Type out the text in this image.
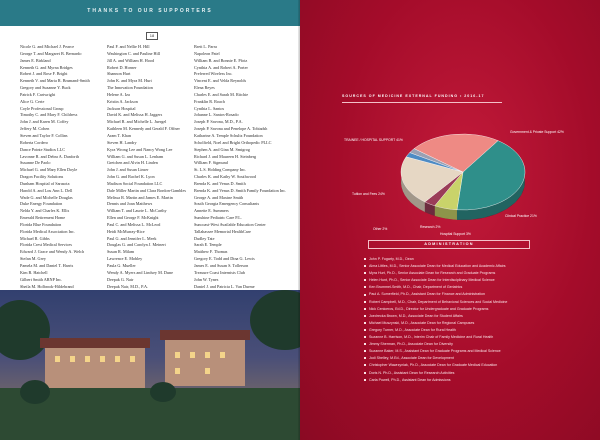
THANKS TO OUR SUPPORTERS
18
Nicole G. and Michael J. Pearce
George T. and Margaret B. Bernardo
James E. Birkland
Kenneth G. and Myrna Bridges
Robert J. and Rose F. Bright
Kenneth V. and Maria R. Brumand-Smith
Gregory and Suzanne Y. Buck
Patrick F. Cartwright
Alice G. Cerie
Coyle Professional Group
Timothy C. and Mary F. Childress
John J. and Karen M. Coffey
Jeffery M. Cohen
Steven and Taylor F. Collins
Roberta Cordero
Dance Pointe Studios LLC
Lavonne R. and Debra A. Danforth
Susanne De Paolo
Michael G. and Mary Ellen Doyle
Dragon Facility Solutions
Dunham Hospital of Sarasota
Harold A. and Lou Ann L. Dell
Wade G. and Michelle Douglas
Duke Energy Foundation
Nelda Y. and Charles K. Ellis
Emerald Retirement Home
Florida Blue Foundation
Florida Medical Association Inc.
Michael R. Gibbs
Florida Crest Medical Services
Edward J. Grace and Wendy A. Welch
Stefan M. Grey
Pamela M. and Daniel T. Harris
Kim B. Hatchell
Gilbert Smith ARNP Inc.
Sheila M. Holbrook-Hildebrand
Paul F. and Nellie H. Hill
Washington C. and Pauline Hill
Jill A. and William H. Hood
Robert D. Horner
Shannon Hurt
John K. and Myra M. Hurt
The Innovation Foundation
Helene A. Iza
Kristin A. Jackson
Jackson Hospital
David K. and Melissa H. Jaggers
Michael R. and Michelle L. Juergel
Kathleen M. Kennedy and Gerald F. Offner
Aram T. Khan
Steven H. Landry
Kyra Wrong Lee and Nancy Wong Lee
William G. and Susan L. Lenham
Gretchen and Alvin H. Linden
John J. and Susan Linser
John G. and Rachel K. Lyon
Madison Social Foundation LLC
Dale Miller Martin and Clara Bordon-Gambles
Melissa R. Martin and James E. Martin
Dennis and Joan Matthews
William T. and Laurie L. McCarthy
Ellen and George F. McKnight
Paul C. and Melissa L. McLeod
Heidi McMurray-Rice
Paul G. and Jennifer L. Meek
Douglas G. and Carolyn J. Meinert
Susan R. Milam
Lawrence E. Mobley
Paula G. Mueller
Wendy A. Myers and Lindsey M. Dune
Deepak G. Nair
Deepak Nair, M.D., P.A.
Brett L. Parra
Napoleon Patel
William B. and Bonnie E. Pfotz
Cynthia A. and Robert A. Porter
Preferred Wireless Inc.
Vincent E. and Velda Reynolds
Elena Reyes
Charles E. and Sarah M. Ritchie
Franklin R. Roach
Cynthia L. Santos
Johanne L. Santos-Rosado
Joseph P. Savona, M.D., P.A.
Joseph P. Savona and Penelope A. Tobiadsh
Katharine A. Temple Schultz Foundation
Scholfield, Noel and Bright Orthopedic PLLC
Stephen A. and Gina M. Smigrog
Richard J. and Maureen H. Steinberg
William F. Sigmund
St. L.S. Holding Company Inc.
Charles K. and Kathy W. Southwood
Brenda K. and Venus D. Smith
Brenda K. and Venus D. Smith Family Foundation Inc.
George A. and Maxine Smith
South Georgia Emergency Consultants
Annette E. Summers
Sunshine Pediatric Care P.L.
Suncoast-West Available Education Center
Tallahassee Memorial HealthCare
Dudley Tate
Sarah E. Temple
Matthew F. Thomas
Gregory E. Todd and Dina G. Lewis
James E. and Susan S. Tollerson
Treasure Coast Internists Club
John W. Tynes
Daniel J. and Patricia L. Van Durme
SOURCES OF MEDICINE EXTERNAL FUNDING • 2016-17
TRAINEE / HOSPITAL SUPPORT 41%
Government & Private Support 42%
Tuition and Fees 24%
Other 2%	Research 2%
Hospital Support 3%
Clinical Practice 21%
ADMINISTRATION
John P. Fogarty, M.D., Dean
Alma Littles, M.D., Senior Associate Dean for Medical Education and Academic Affairs
Myra Hurt, Ph.D., Senior Associate Dean for Research and Graduate Programs
Helen Hunt, Ph.D., Senior Associate Dean for Interdisciplinary Medical Science
Ken Brummel-Smith, M.D., Chair, Department of Geriatrics
Paul A. Sumerfield, Ph.D., Assistant Dean for Finance and Administration
Robert Campbell, M.D., Chair, Department of Behavioral Sciences and Social Medicine
Nick Ceniceros, Ed.D., Director for Undergraduate and Graduate Programs
Joedrecka Brown, M.D., Associate Dean for Student Affairs
Michael Muszynski, M.D., Associate Dean for Regional Campuses
Gregory Turner, M.D., Associate Dean for Rural Health
Suzanne B. Harrison, M.D., Interim Chair of Family Medicine and Rural Health
Jimmy Sherman, Ph.D., Associate Dean for Diversity
Suzanne Baker, M.S., Assistant Dean for Graduate Programs and Medical Science
Jodi Shelley, M.Ed., Associate Dean for Development
Christopher Wawrzyniak, Ph.D., Associate Dean for Graduate Medical Education
Doris N. Ph.D., Assistant Dean for Research Activities
Carla Powell, Ph.D., Assistant Dean for Admissions
